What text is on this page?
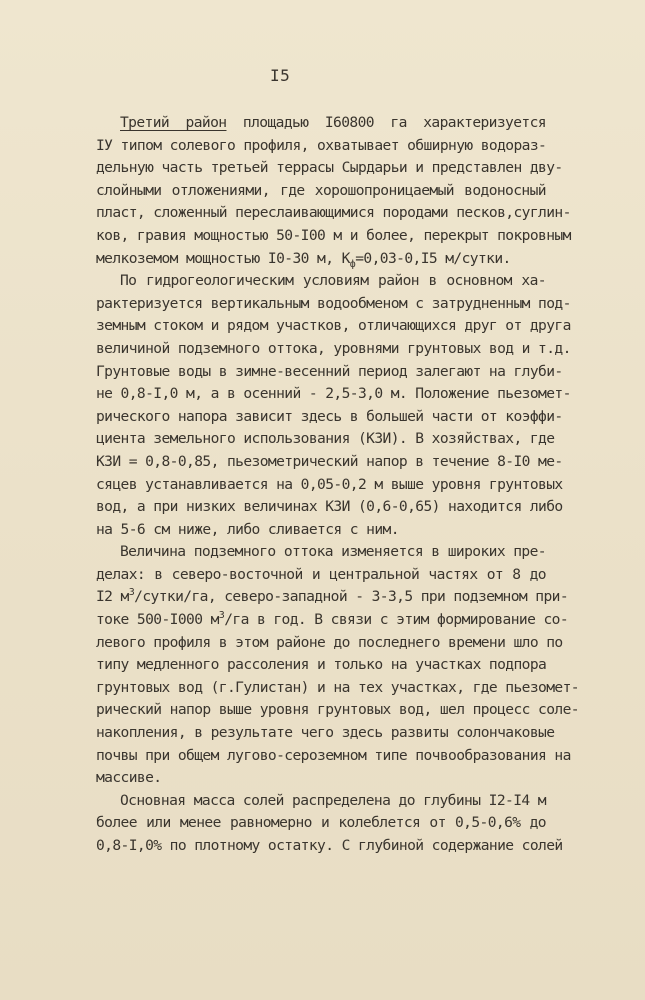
I5
Третий район площадью I60800 га характеризуется
IУ типом солевого профиля, охватывает обширную водораз-
дельную часть третьей террасы Сырдарьи и представлен дву-
слойными отложениями, где хорошопроницаемый водоносный
пласт, сложенный переслаивающимися породами песков,суглин-
ков, гравия мощностью 50-I00 м и более, перекрыт покровным
мелкоземом мощностью I0-30 м, $К_ф=0,03-0,I5$ м/сутки.
По гидрогеологическим условиям район в основном ха-
рактеризуется вертикальным водообменом с затрудненным под-
земным стоком и рядом участков, отличающихся друг от друга
величиной подземного оттока, уровнями грунтовых вод и т.д.
Грунтовые воды в зимне-весенний период залегают на глуби-
не 0,8-I,0 м, а в осенний - 2,5-3,0 м. Положение пьезомет-
рического напора зависит здесь в большей части от коэффи-
циента земельного использования (КЗИ). В хозяйствах, где
КЗИ = 0,8-0,85, пьезометрический напор в течение 8-I0 ме-
сяцев устанавливается на 0,05-0,2 м выше уровня грунтовых
вод, а при низких величинах КЗИ (0,6-0,65) находится либо
на 5-6 см ниже, либо сливается с ним.
Величина подземного оттока изменяется в широких пре-
делах: в северо-восточной и центральной частях от 8 до
I2 $м^3/сутки/га$, северо-западной - 3-3,5 при подземном при-
токе 500-I000 $м^3/га$ в год. В связи с этим формирование со-
левого профиля в этом районе до последнего времени шло по
типу медленного рассоления и только на участках подпора
грунтовых вод (г.Гулистан) и на тех участках, где пьезомет-
рический напор выше уровня грунтовых вод, шел процесс соле-
накопления, в результате чего здесь развиты солончаковые
почвы при общем лугово-сероземном типе почвообразования на
массиве.
Основная масса солей распределена до глубины I2-I4 м
более или менее равномерно и колеблется от 0,5-0,6% до
0,8-I,0% по плотному остатку. С глубиной содержание солей
